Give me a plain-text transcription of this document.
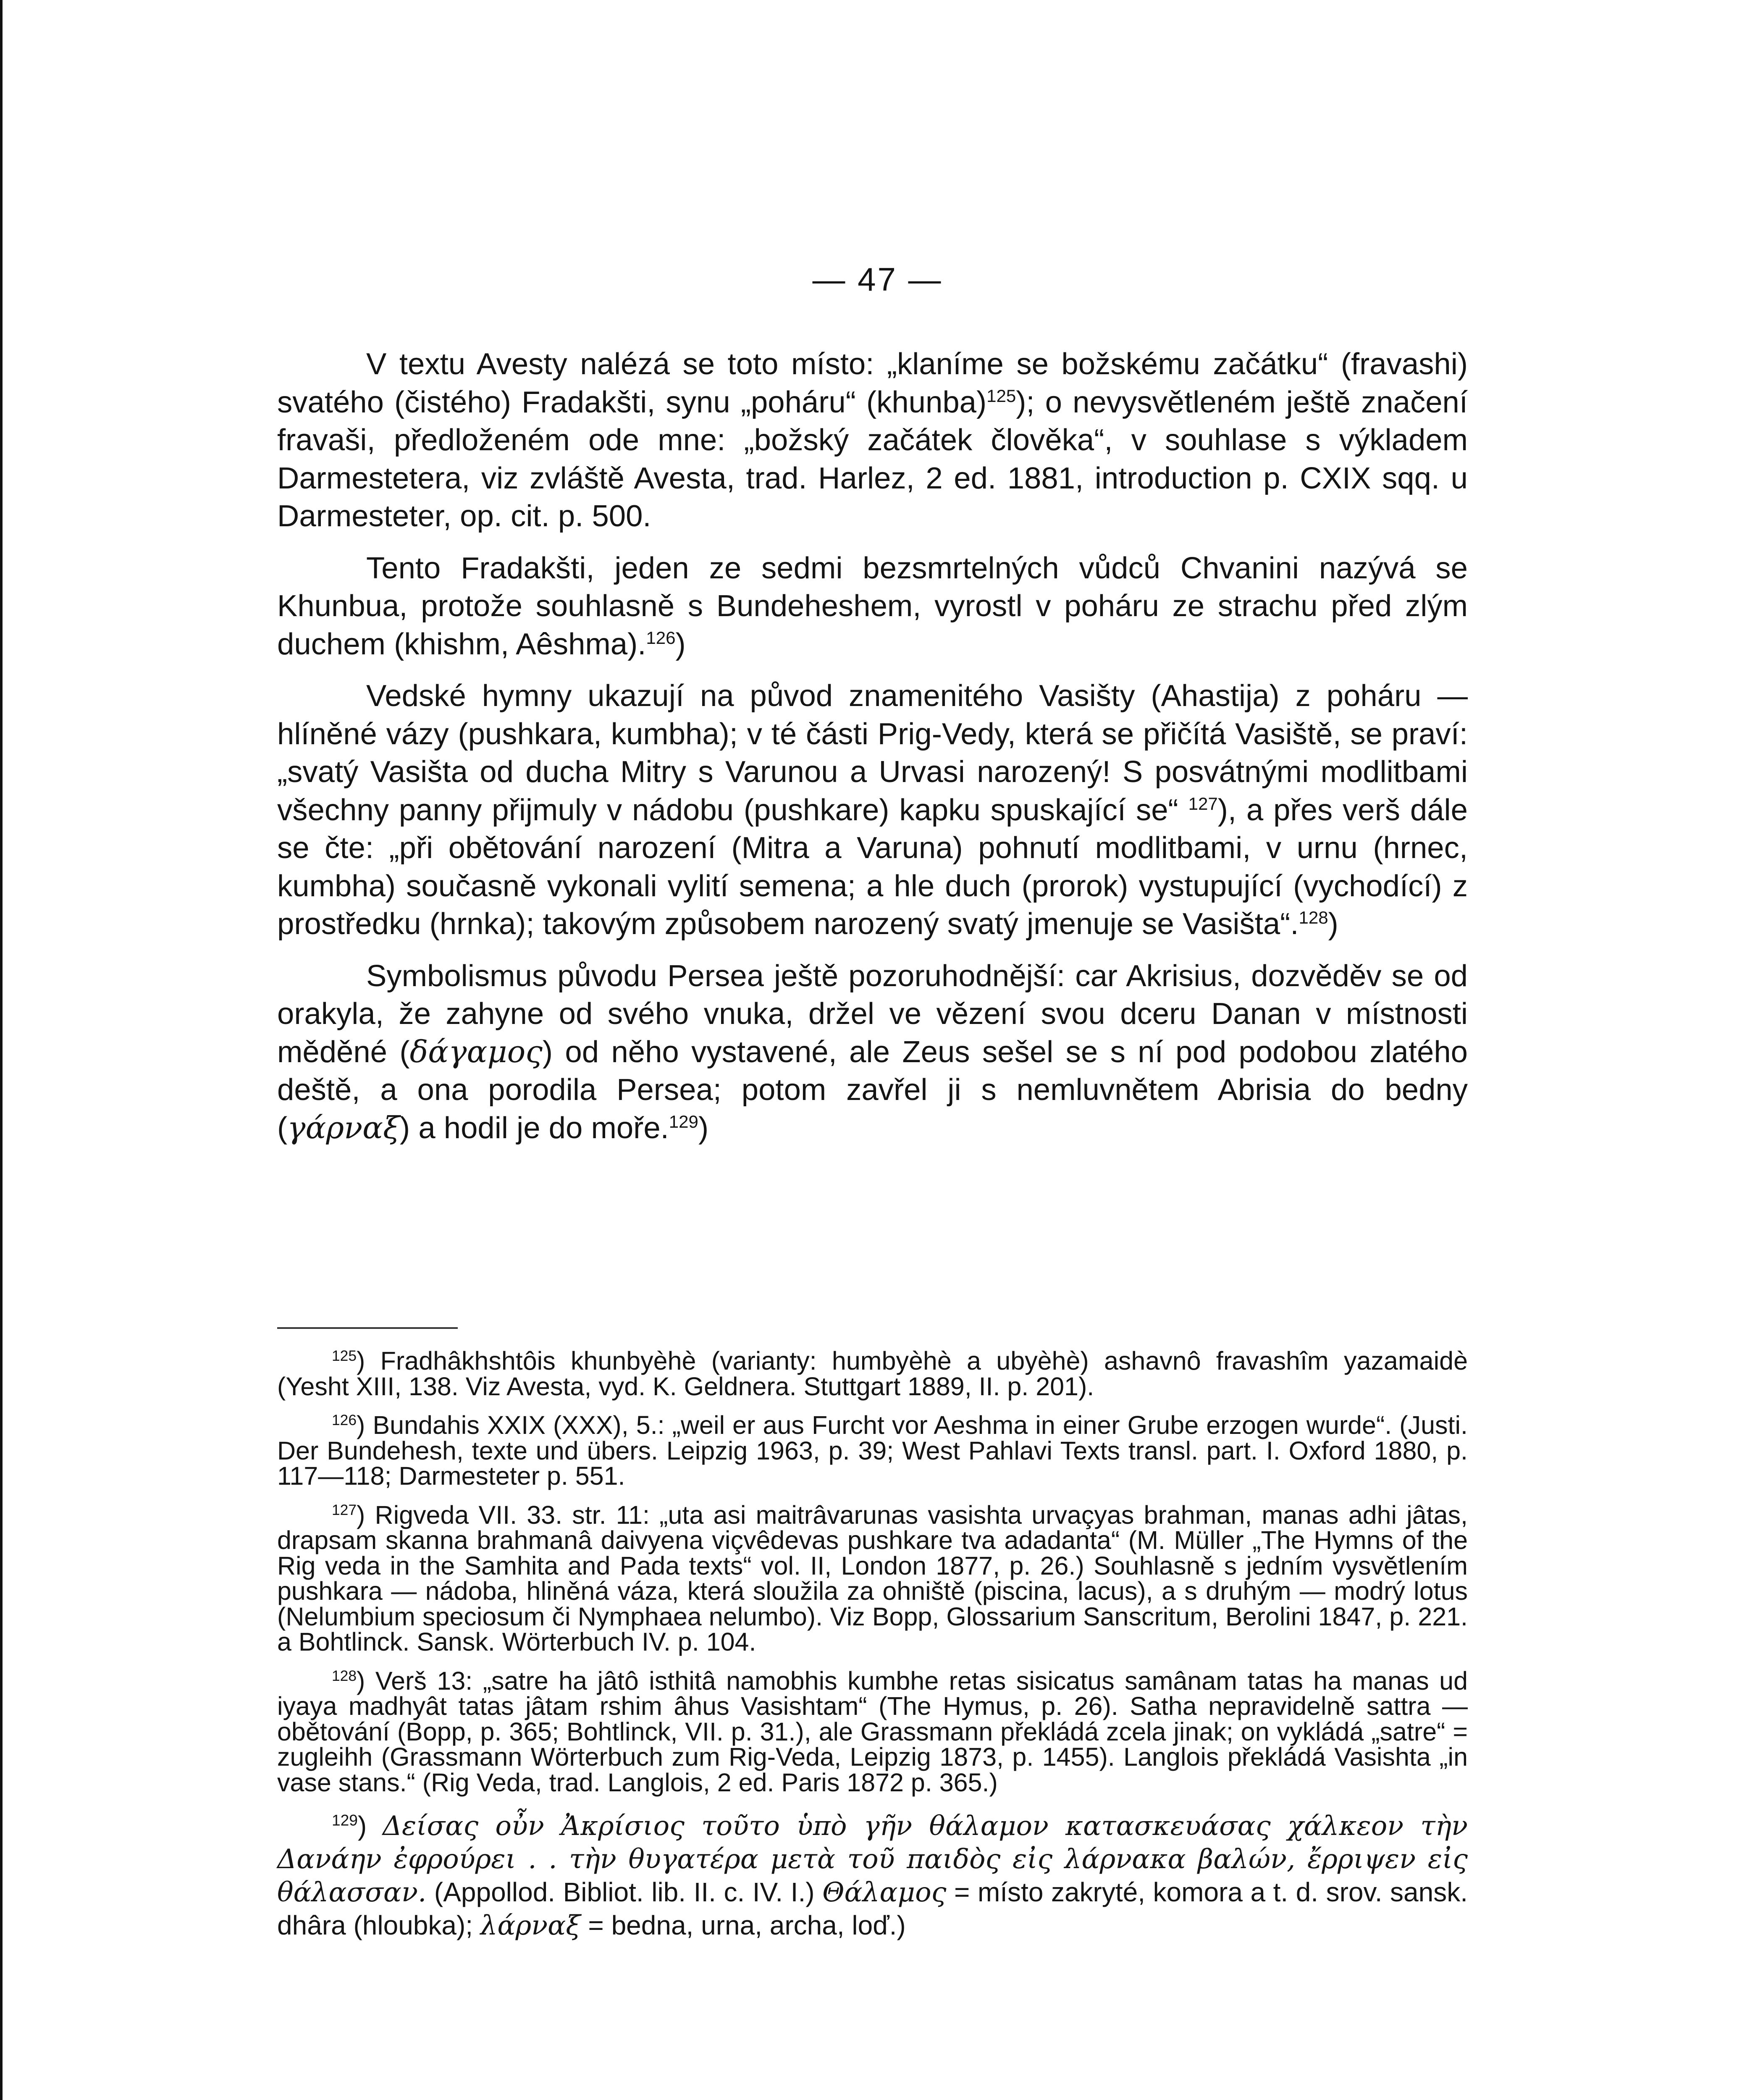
— 47 —

V textu Avesty nalézá se toto místo: „klaníme se božskému začátku“ (fravashi) svatého (čistého) Fradakšti, synu „poháru“ (khunba)$^{125}$); o nevysvětleném ještě značení fravaši, předloženém ode mne: „božský začátek člověka“, v souhlase s výkladem Darmestetera, viz zvláště Avesta, trad. Harlez, 2 ed. 1881, introduction p. CXIX sqq. u Darmesteter, op. cit. p. 500.

Tento Fradakšti, jeden ze sedmi bezsmrtelných vůdců Chvanini nazývá se Khunbua, protože souhlasně s Bundeheshem, vyrostl v poháru ze strachu před zlým duchem (khishm, Aêshma).$^{126}$)

Vedské hymny ukazují na původ znamenitého Vasišty (Ahastija) z poháru — hlíněné vázy (pushkara, kumbha); v té části Prig-Vedy, která se přičítá Vasiště, se praví: „svatý Vasišta od ducha Mitry s Varunou a Urvasi narozený! S posvátnými modlitbami všechny panny přijmuly v nádobu (pushkare) kapku spuskající se“ $^{127}$), a přes verš dále se čte: „při obětování narození (Mitra a Varuna) pohnutí modlitbami, v urnu (hrnec, kumbha) současně vykonali vylití semena; a hle duch (prorok) vystupující (vychodící) z prostředku (hrnka); takovým způsobem narozený svatý jmenuje se Vasišta“.$^{128}$)

Symbolismus původu Persea ještě pozoruhodnější: car Akrisius, dozvěděv se od orakyla, že zahyne od svého vnuka, držel ve vězení svou dceru Danan v místnosti měděné (δάγαμος) od něho vystavené, ale Zeus sešel se s ní pod podobou zlatého deště, a ona porodila Persea; potom zavřel ji s nemluvnětem Abrisia do bedny (γάρναξ) a hodil je do moře.$^{129}$)

$^{125}$) Fradhâkhshtôis khunbyèhè (varianty: humbyèhè a ubyèhè) ashavnô fravashîm yazamaidè (Yesht XIII, 138. Viz Avesta, vyd. K. Geldnera. Stuttgart 1889, II. p. 201).

$^{126}$) Bundahis XXIX (XXX), 5.: „weil er aus Furcht vor Aeshma in einer Grube erzogen wurde“. (Justi. Der Bundehesh, texte und übers. Leipzig 1963, p. 39; West Pahlavi Texts transl. part. I. Oxford 1880, p. 117—118; Darmesteter p. 551.

$^{127}$) Rigveda VII. 33. str. 11: „uta asi maitrâvarunas vasishta urvaçyas brahman, manas adhi jâtas, drapsam skanna brahmanâ daivyena viçvêdevas pushkare tva adadanta“ (M. Müller „The Hymns of the Rig veda in the Samhita and Pada texts“ vol. II, London 1877, p. 26.) Souhlasně s jedním vysvětlením pushkara — nádoba, hliněná váza, která sloužila za ohniště (piscina, lacus), a s druhým — modrý lotus (Nelumbium speciosum či Nymphaea nelumbo). Viz Bopp, Glossarium Sanscritum, Berolini 1847, p. 221. a Bohtlinck. Sansk. Wörterbuch IV. p. 104.

$^{128}$) Verš 13: „satre ha jâtô isthitâ namobhis kumbhe retas sisicatus samânam tatas ha manas ud iyaya madhyât tatas jâtam rshim âhus Vasishtam“ (The Hymus, p. 26). Satha nepravidelně sattra — obětování (Bopp, p. 365; Bohtlinck, VII. p. 31.), ale Grassmann překládá zcela jinak; on vykládá „satre“ = zugleihh (Grassmann Wörterbuch zum Rig-Veda, Leipzig 1873, p. 1455). Langlois překládá Vasishta „in vase stans.“ (Rig Veda, trad. Langlois, 2 ed. Paris 1872 p. 365.)

$^{129}$) Δείσας οὖν Ἀκρίσιος τοῦτο ὑπὸ γῆν θάλαμον κατασκευάσας χάλκεον τὴν Δανάην ἐφρούρει . . τὴν θυγατέρα μετὰ τοῦ παιδὸς εἰς λάρνακα βαλών, ἔρριψεν εἰς θάλασσαν. (Appollod. Bibliot. lib. II. c. IV. I.) Θάλαμος = místo zakryté, komora a t. d. srov. sansk. dhâra (hloubka); λάρναξ = bedna, urna, archa, loď.)
